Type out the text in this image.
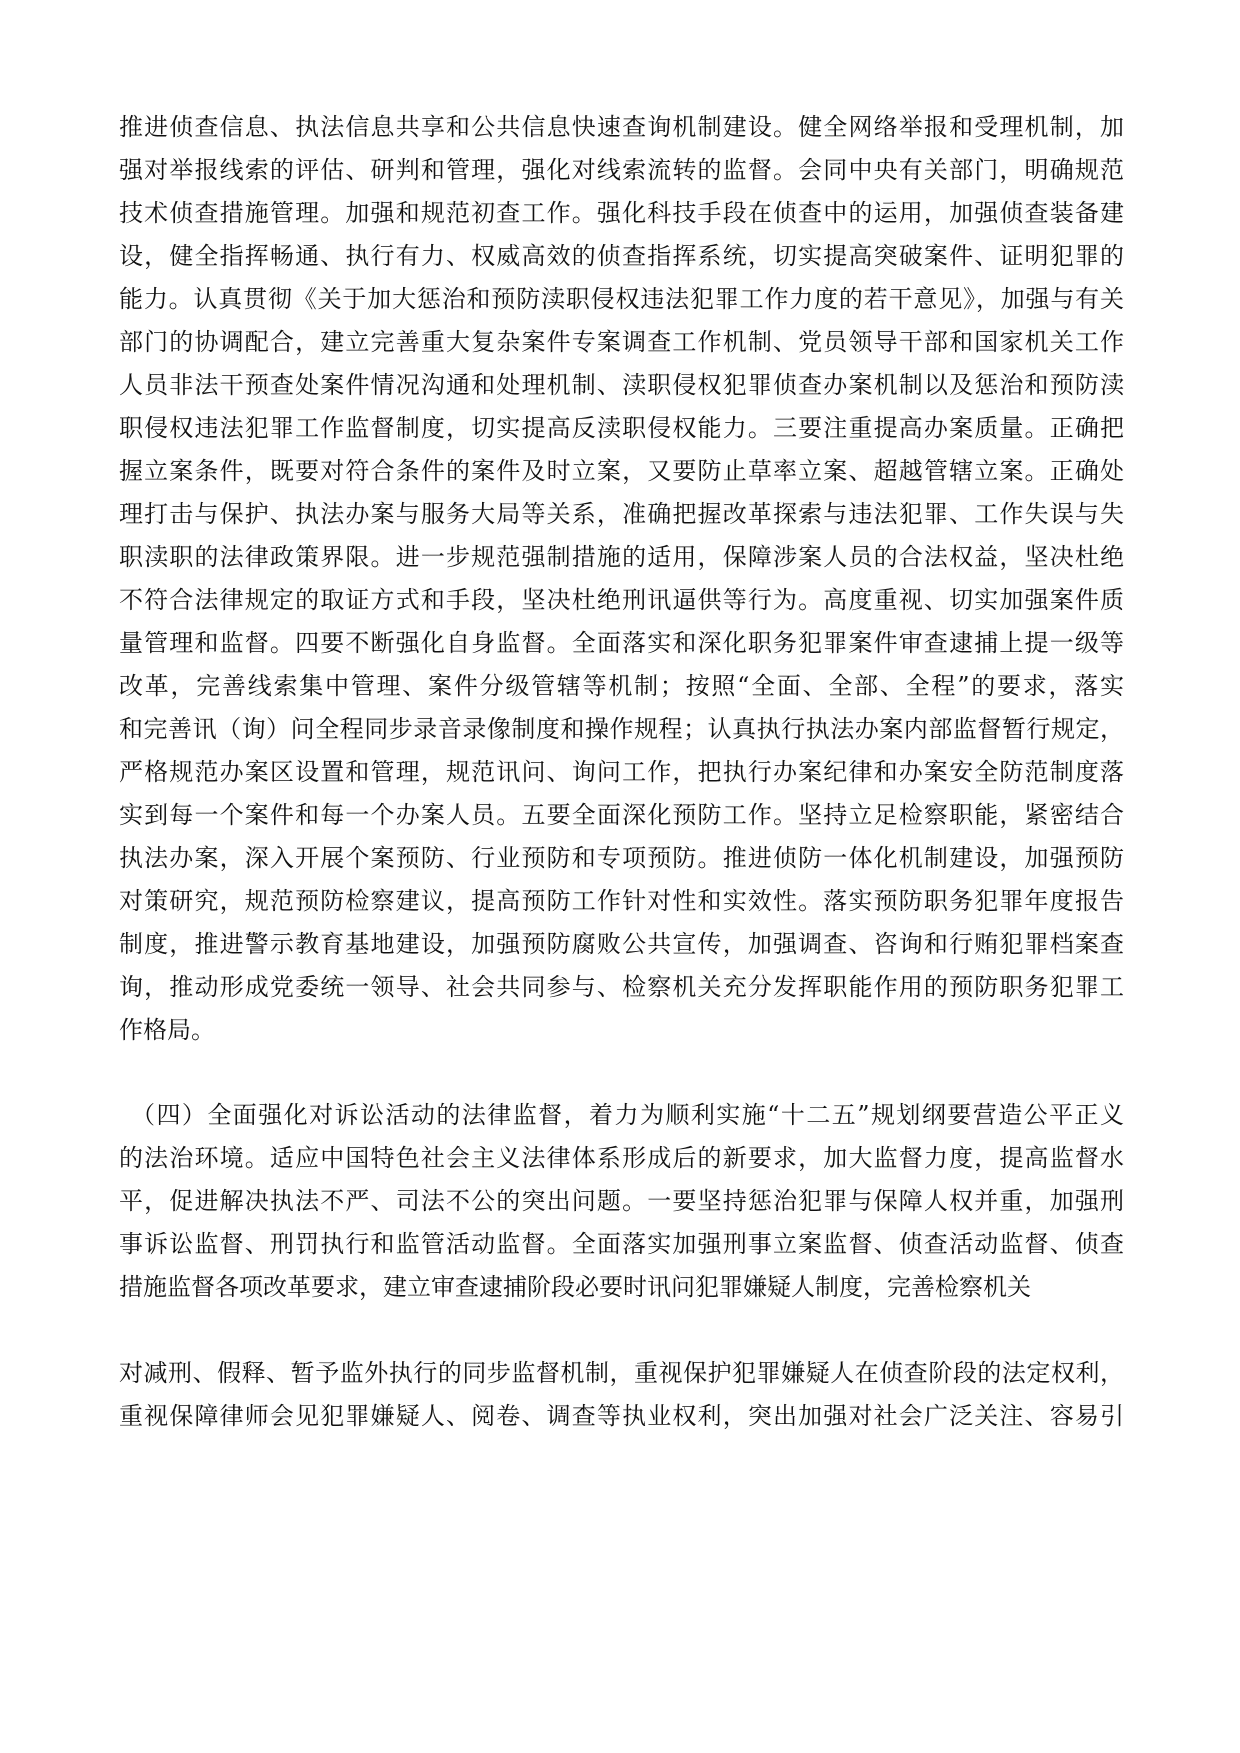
推进侦查信息、执法信息共享和公共信息快速查询机制建设。健全网络举报和受理机制，加
强对举报线索的评估、研判和管理，强化对线索流转的监督。会同中央有关部门，明确规范
技术侦查措施管理。加强和规范初查工作。强化科技手段在侦查中的运用，加强侦查装备建
设，健全指挥畅通、执行有力、权威高效的侦查指挥系统，切实提高突破案件、证明犯罪的
能力。认真贯彻《关于加大惩治和预防渎职侵权违法犯罪工作力度的若干意见》，加强与有关
部门的协调配合，建立完善重大复杂案件专案调查工作机制、党员领导干部和国家机关工作
人员非法干预查处案件情况沟通和处理机制、渎职侵权犯罪侦查办案机制以及惩治和预防渎
职侵权违法犯罪工作监督制度，切实提高反渎职侵权能力。三要注重提高办案质量。正确把
握立案条件，既要对符合条件的案件及时立案，又要防止草率立案、超越管辖立案。正确处
理打击与保护、执法办案与服务大局等关系，准确把握改革探索与违法犯罪、工作失误与失
职渎职的法律政策界限。进一步规范强制措施的适用，保障涉案人员的合法权益，坚决杜绝
不符合法律规定的取证方式和手段，坚决杜绝刑讯逼供等行为。高度重视、切实加强案件质
量管理和监督。四要不断强化自身监督。全面落实和深化职务犯罪案件审查逮捕上提一级等
改革，完善线索集中管理、案件分级管辖等机制；按照“全面、全部、全程”的要求，落实
和完善讯（询）问全程同步录音录像制度和操作规程；认真执行执法办案内部监督暂行规定，
严格规范办案区设置和管理，规范讯问、询问工作，把执行办案纪律和办案安全防范制度落
实到每一个案件和每一个办案人员。五要全面深化预防工作。坚持立足检察职能，紧密结合
执法办案，深入开展个案预防、行业预防和专项预防。推进侦防一体化机制建设，加强预防
对策研究，规范预防检察建议，提高预防工作针对性和实效性。落实预防职务犯罪年度报告
制度，推进警示教育基地建设，加强预防腐败公共宣传，加强调查、咨询和行贿犯罪档案查
询，推动形成党委统一领导、社会共同参与、检察机关充分发挥职能作用的预防职务犯罪工
作格局。
（四）全面强化对诉讼活动的法律监督，着力为顺利实施“十二五”规划纲要营造公平正义
的法治环境。适应中国特色社会主义法律体系形成后的新要求，加大监督力度，提高监督水
平，促进解决执法不严、司法不公的突出问题。一要坚持惩治犯罪与保障人权并重，加强刑
事诉讼监督、刑罚执行和监管活动监督。全面落实加强刑事立案监督、侦查活动监督、侦查
措施监督各项改革要求，建立审查逮捕阶段必要时讯问犯罪嫌疑人制度，完善检察机关
对减刑、假释、暂予监外执行的同步监督机制，重视保护犯罪嫌疑人在侦查阶段的法定权利，
重视保障律师会见犯罪嫌疑人、阅卷、调查等执业权利，突出加强对社会广泛关注、容易引
